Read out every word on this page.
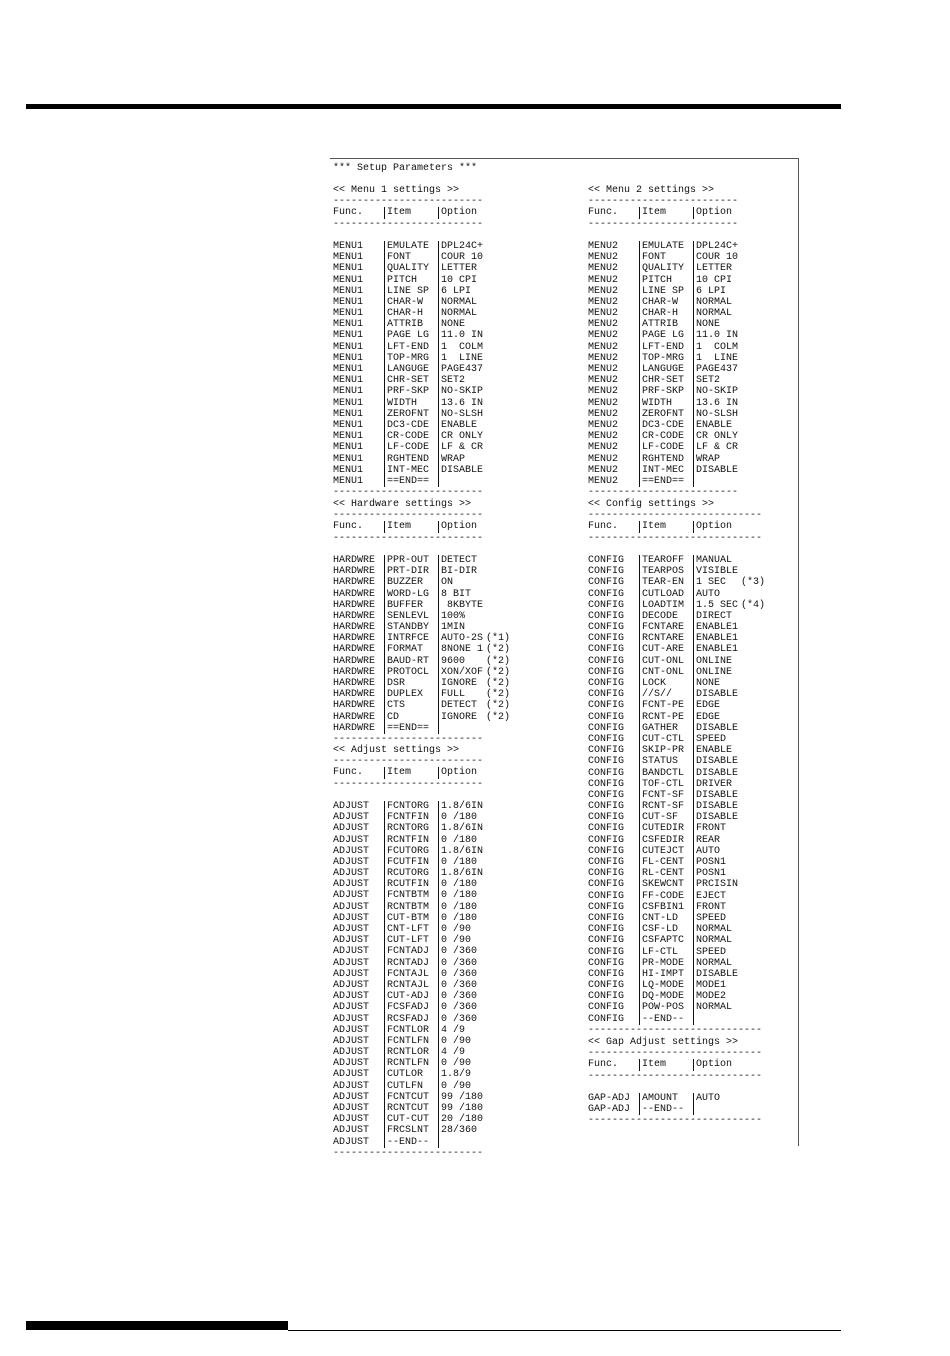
*** Setup Parameters ***
<< Menu 1 settings >>
-------------------------
Func.	Item	Option
-------------------------
MENU1	EMULATE	DPL24C+
MENU1	FONT	COUR 10
MENU1	QUALITY	LETTER
MENU1	PITCH	10 CPI
MENU1	LINE SP	6 LPI
MENU1	CHAR-W	NORMAL
MENU1	CHAR-H	NORMAL
MENU1	ATTRIB	NONE
MENU1	PAGE LG	11.0 IN
MENU1	LFT-END	1  COLM
MENU1	TOP-MRG	1  LINE
MENU1	LANGUGE	PAGE437
MENU1	CHR-SET	SET2
MENU1	PRF-SKP	NO-SKIP
MENU1	WIDTH	13.6 IN
MENU1	ZEROFNT	NO-SLSH
MENU1	DC3-CDE	ENABLE
MENU1	CR-CODE	CR ONLY
MENU1	LF-CODE	LF & CR
MENU1	RGHTEND	WRAP
MENU1	INT-MEC	DISABLE
MENU1	==END==
-------------------------
<< Menu 2 settings >>
-------------------------
Func.	Item	Option
-------------------------
MENU2	EMULATE	DPL24C+
MENU2	FONT	COUR 10
MENU2	QUALITY	LETTER
MENU2	PITCH	10 CPI
MENU2	LINE SP	6 LPI
MENU2	CHAR-W	NORMAL
MENU2	CHAR-H	NORMAL
MENU2	ATTRIB	NONE
MENU2	PAGE LG	11.0 IN
MENU2	LFT-END	1  COLM
MENU2	TOP-MRG	1  LINE
MENU2	LANGUGE	PAGE437
MENU2	CHR-SET	SET2
MENU2	PRF-SKP	NO-SKIP
MENU2	WIDTH	13.6 IN
MENU2	ZEROFNT	NO-SLSH
MENU2	DC3-CDE	ENABLE
MENU2	CR-CODE	CR ONLY
MENU2	LF-CODE	LF & CR
MENU2	RGHTEND	WRAP
MENU2	INT-MEC	DISABLE
MENU2	==END==
-------------------------
<< Hardware settings >>
-------------------------
Func.	Item	Option
-------------------------
HARDWRE	PPR-OUT	DETECT
HARDWRE	PRT-DIR	BI-DIR
HARDWRE	BUZZER	ON
HARDWRE	WORD-LG	8 BIT
HARDWRE	BUFFER	8KBYTE
HARDWRE	SENLEVL	100%
HARDWRE	STANDBY	1MIN
HARDWRE	INTRFCE	AUTO-2S (*1)
HARDWRE	FORMAT	8NONE 1 (*2)
HARDWRE	BAUD-RT	9600	(*2)
HARDWRE	PROTOCL	XON/XOF (*2)
HARDWRE	DSR	IGNORE (*2)
HARDWRE	DUPLEX	FULL	(*2)
HARDWRE	CTS	DETECT (*2)
HARDWRE	CD	IGNORE (*2)
HARDWRE	==END==
-------------------------
<< Config settings >>
-----------------------------
Func.	Item	Option
-----------------------------
CONFIG	TEAROFF	MANUAL
CONFIG	TEARPOS	VISIBLE
CONFIG	TEAR-EN	1 SEC	(*3)
CONFIG	CUTLOAD	AUTO
CONFIG	LOADTIM	1.5 SEC (*4)
CONFIG	DECODE	DIRECT
CONFIG	FCNTARE	ENABLE1
CONFIG	RCNTARE	ENABLE1
CONFIG	CUT-ARE	ENABLE1
CONFIG	CUT-ONL	ONLINE
CONFIG	CNT-ONL	ONLINE
CONFIG	LOCK	NONE
CONFIG	//S//	DISABLE
CONFIG	FCNT-PE	EDGE
CONFIG	RCNT-PE	EDGE
CONFIG	GATHER	DISABLE
CONFIG	CUT-CTL	SPEED
CONFIG	SKIP-PR	ENABLE
CONFIG	STATUS	DISABLE
CONFIG	BANDCTL	DISABLE
CONFIG	TOF-CTL	DRIVER
CONFIG	FCNT-SF	DISABLE
CONFIG	RCNT-SF	DISABLE
CONFIG	CUT-SF	DISABLE
CONFIG	CUTEDIR	FRONT
CONFIG	CSFEDIR	REAR
CONFIG	CUTEJCT	AUTO
CONFIG	FL-CENT	POSN1
CONFIG	RL-CENT	POSN1
CONFIG	SKEWCNT	PRCISIN
CONFIG	FF-CODE	EJECT
CONFIG	CSFBIN1	FRONT
CONFIG	CNT-LD	SPEED
CONFIG	CSF-LD	NORMAL
CONFIG	CSFAPTC	NORMAL
CONFIG	LF-CTL	SPEED
CONFIG	PR-MODE	NORMAL
CONFIG	HI-IMPT	DISABLE
CONFIG	LQ-MODE	MODE1
CONFIG	DQ-MODE	MODE2
CONFIG	POW-POS	NORMAL
CONFIG	--END--
-----------------------------
<< Adjust settings >>
-------------------------
Func.	Item	Option
-------------------------
ADJUST	FCNTORG	1.8/6IN
ADJUST	FCNTFIN	0 /180
ADJUST	RCNTORG	1.8/6IN
ADJUST	RCNTFIN	0 /180
ADJUST	FCUTORG	1.8/6IN
ADJUST	FCUTFIN	0 /180
ADJUST	RCUTORG	1.8/6IN
ADJUST	RCUTFIN	0 /180
ADJUST	FCNTBTM	0 /180
ADJUST	RCNTBTM	0 /180
ADJUST	CUT-BTM	0 /180
ADJUST	CNT-LFT	0 /90
ADJUST	CUT-LFT	0 /90
ADJUST	FCNTADJ	0 /360
ADJUST	RCNTADJ	0 /360
ADJUST	FCNTAJL	0 /360
ADJUST	RCNTAJL	0 /360
ADJUST	CUT-ADJ	0 /360
ADJUST	FCSFADJ	0 /360
ADJUST	RCSFADJ	0 /360
ADJUST	FCNTLOR	4 /9
ADJUST	FCNTLFN	0 /90
ADJUST	RCNTLOR	4 /9
ADJUST	RCNTLFN	0 /90
ADJUST	CUTLOR	1.8/9
ADJUST	CUTLFN	0 /90
ADJUST	FCNTCUT	99 /180
ADJUST	RCNTCUT	99 /180
ADJUST	CUT-CUT	20 /180
ADJUST	FRCSLNT	28/360
ADJUST	--END--
-------------------------
<< Gap Adjust settings >>
-----------------------------
Func.	Item	Option
-----------------------------
GAP-ADJ	AMOUNT	AUTO
GAP-ADJ	--END--
-----------------------------
